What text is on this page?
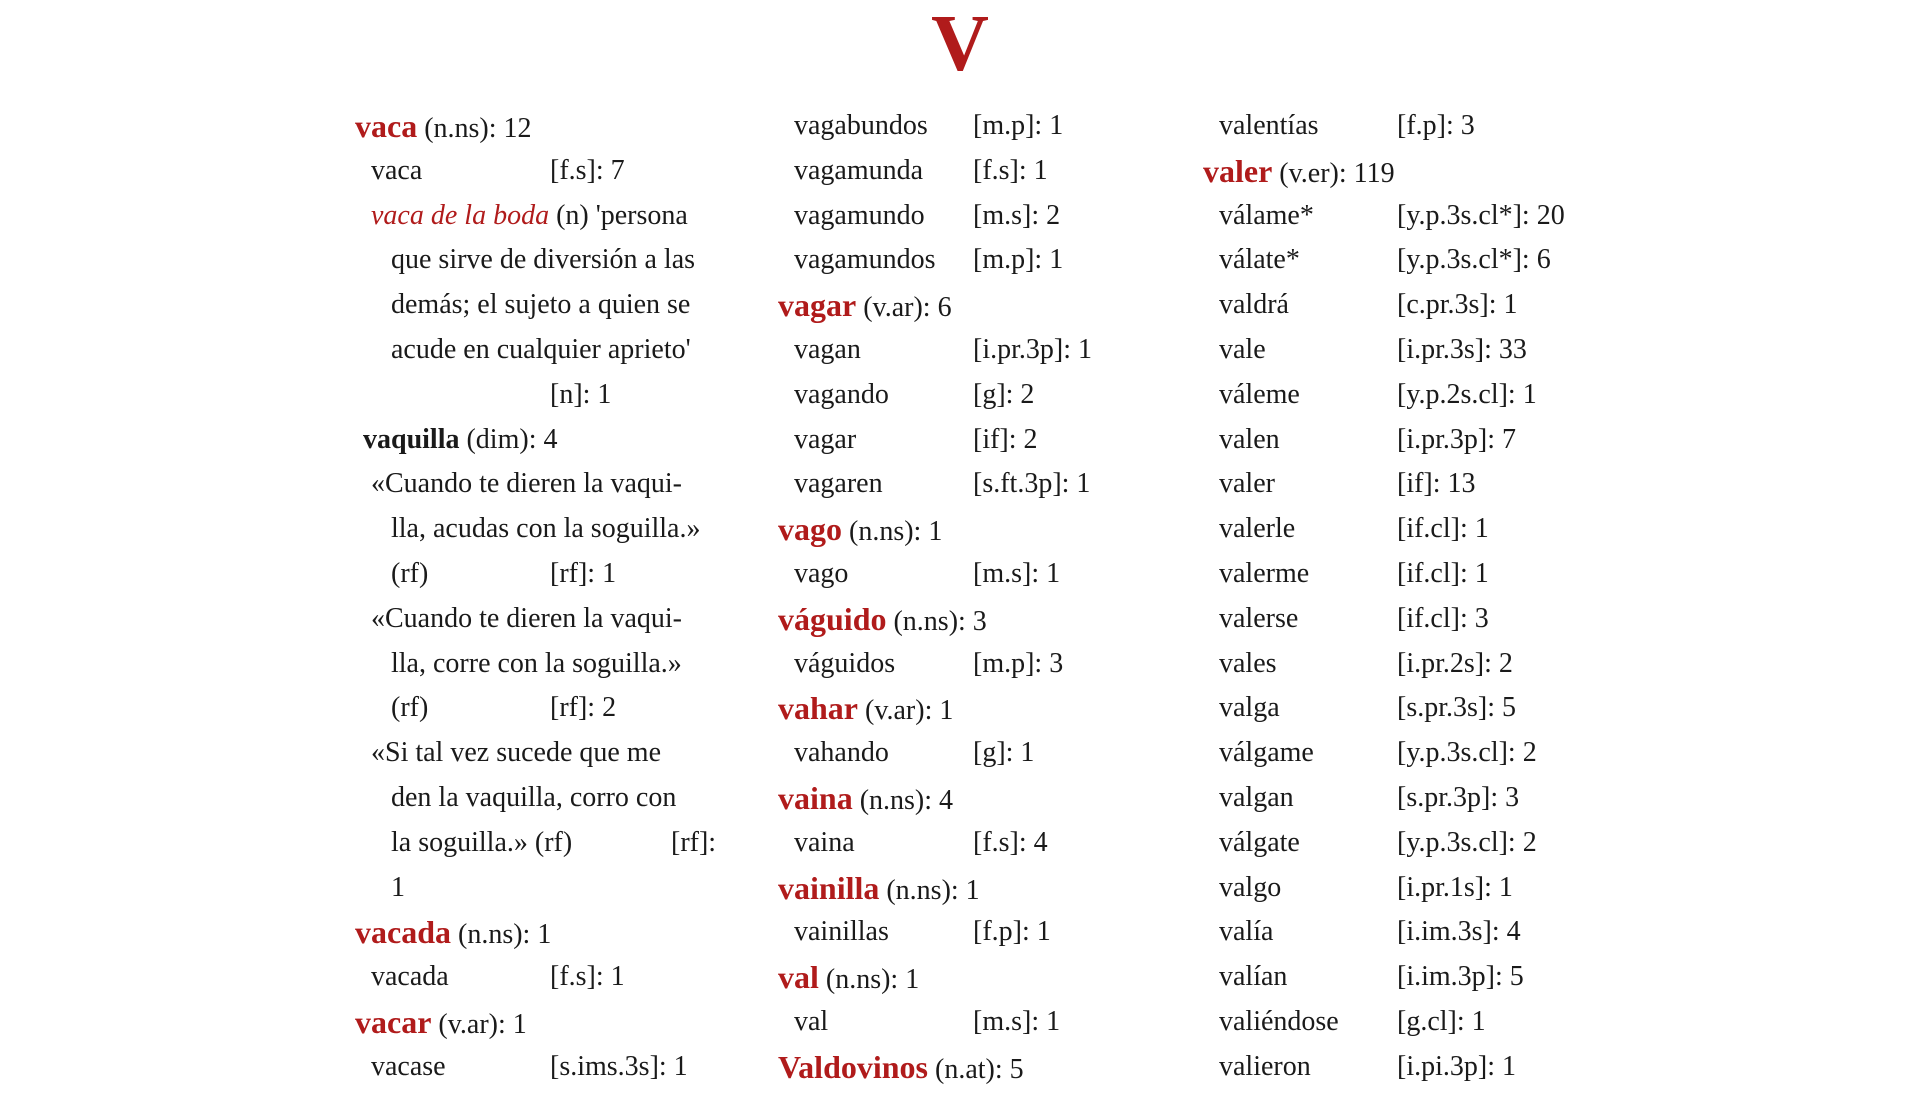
V
vaca (n.ns): 12
vaca	[f.s]: 7
vaca de la boda (n) 'persona
que sirve de diversión a las
demás; el sujeto a quien se
acude en cualquier aprieto'
[n]: 1
vaquilla (dim): 4
«Cuando te dieren la vaqui-
lla, acudas con la soguilla.»
(rf)	[rf]: 1
«Cuando te dieren la vaqui-
lla, corre con la soguilla.»
(rf)	[rf]: 2
«Si tal vez sucede que me
den la vaquilla, corro con
la soguilla.» (rf)	[rf]:
1
vacada (n.ns): 1
vacada	[f.s]: 1
vacar (v.ar): 1
vacase	[s.ims.3s]: 1
vagabundos [m.p]: 1
vagamunda [f.s]: 1
vagamundo [m.s]: 2
vagamundos [m.p]: 1
vagar (v.ar): 6
vagan	[i.pr.3p]: 1
vagando	[g]: 2
vagar	[if]: 2
vagaren	[s.ft.3p]: 1
vago (n.ns): 1
vago	[m.s]: 1
váguido (n.ns): 3
váguidos	[m.p]: 3
vahar (v.ar): 1
vahando	[g]: 1
vaina (n.ns): 4
vaina	[f.s]: 4
vainilla (n.ns): 1
vainillas	[f.p]: 1
val (n.ns): 1
val	[m.s]: 1
Valdovinos (n.at): 5
valentías	[f.p]: 3
valer (v.er): 119
válame*	[y.p.3s.cl*]: 20
válate*	[y.p.3s.cl*]: 6
valdrá	[c.pr.3s]: 1
vale	[i.pr.3s]: 33
váleme	[y.p.2s.cl]: 1
valen	[i.pr.3p]: 7
valer	[if]: 13
valerle	[if.cl]: 1
valerme	[if.cl]: 1
valerse	[if.cl]: 3
vales	[i.pr.2s]: 2
valga	[s.pr.3s]: 5
válgame	[y.p.3s.cl]: 2
valgan	[s.pr.3p]: 3
válgate	[y.p.3s.cl]: 2
valgo	[i.pr.1s]: 1
valía	[i.im.3s]: 4
valían	[i.im.3p]: 5
valiéndose [g.cl]: 1
valieron	[i.pi.3p]: 1
